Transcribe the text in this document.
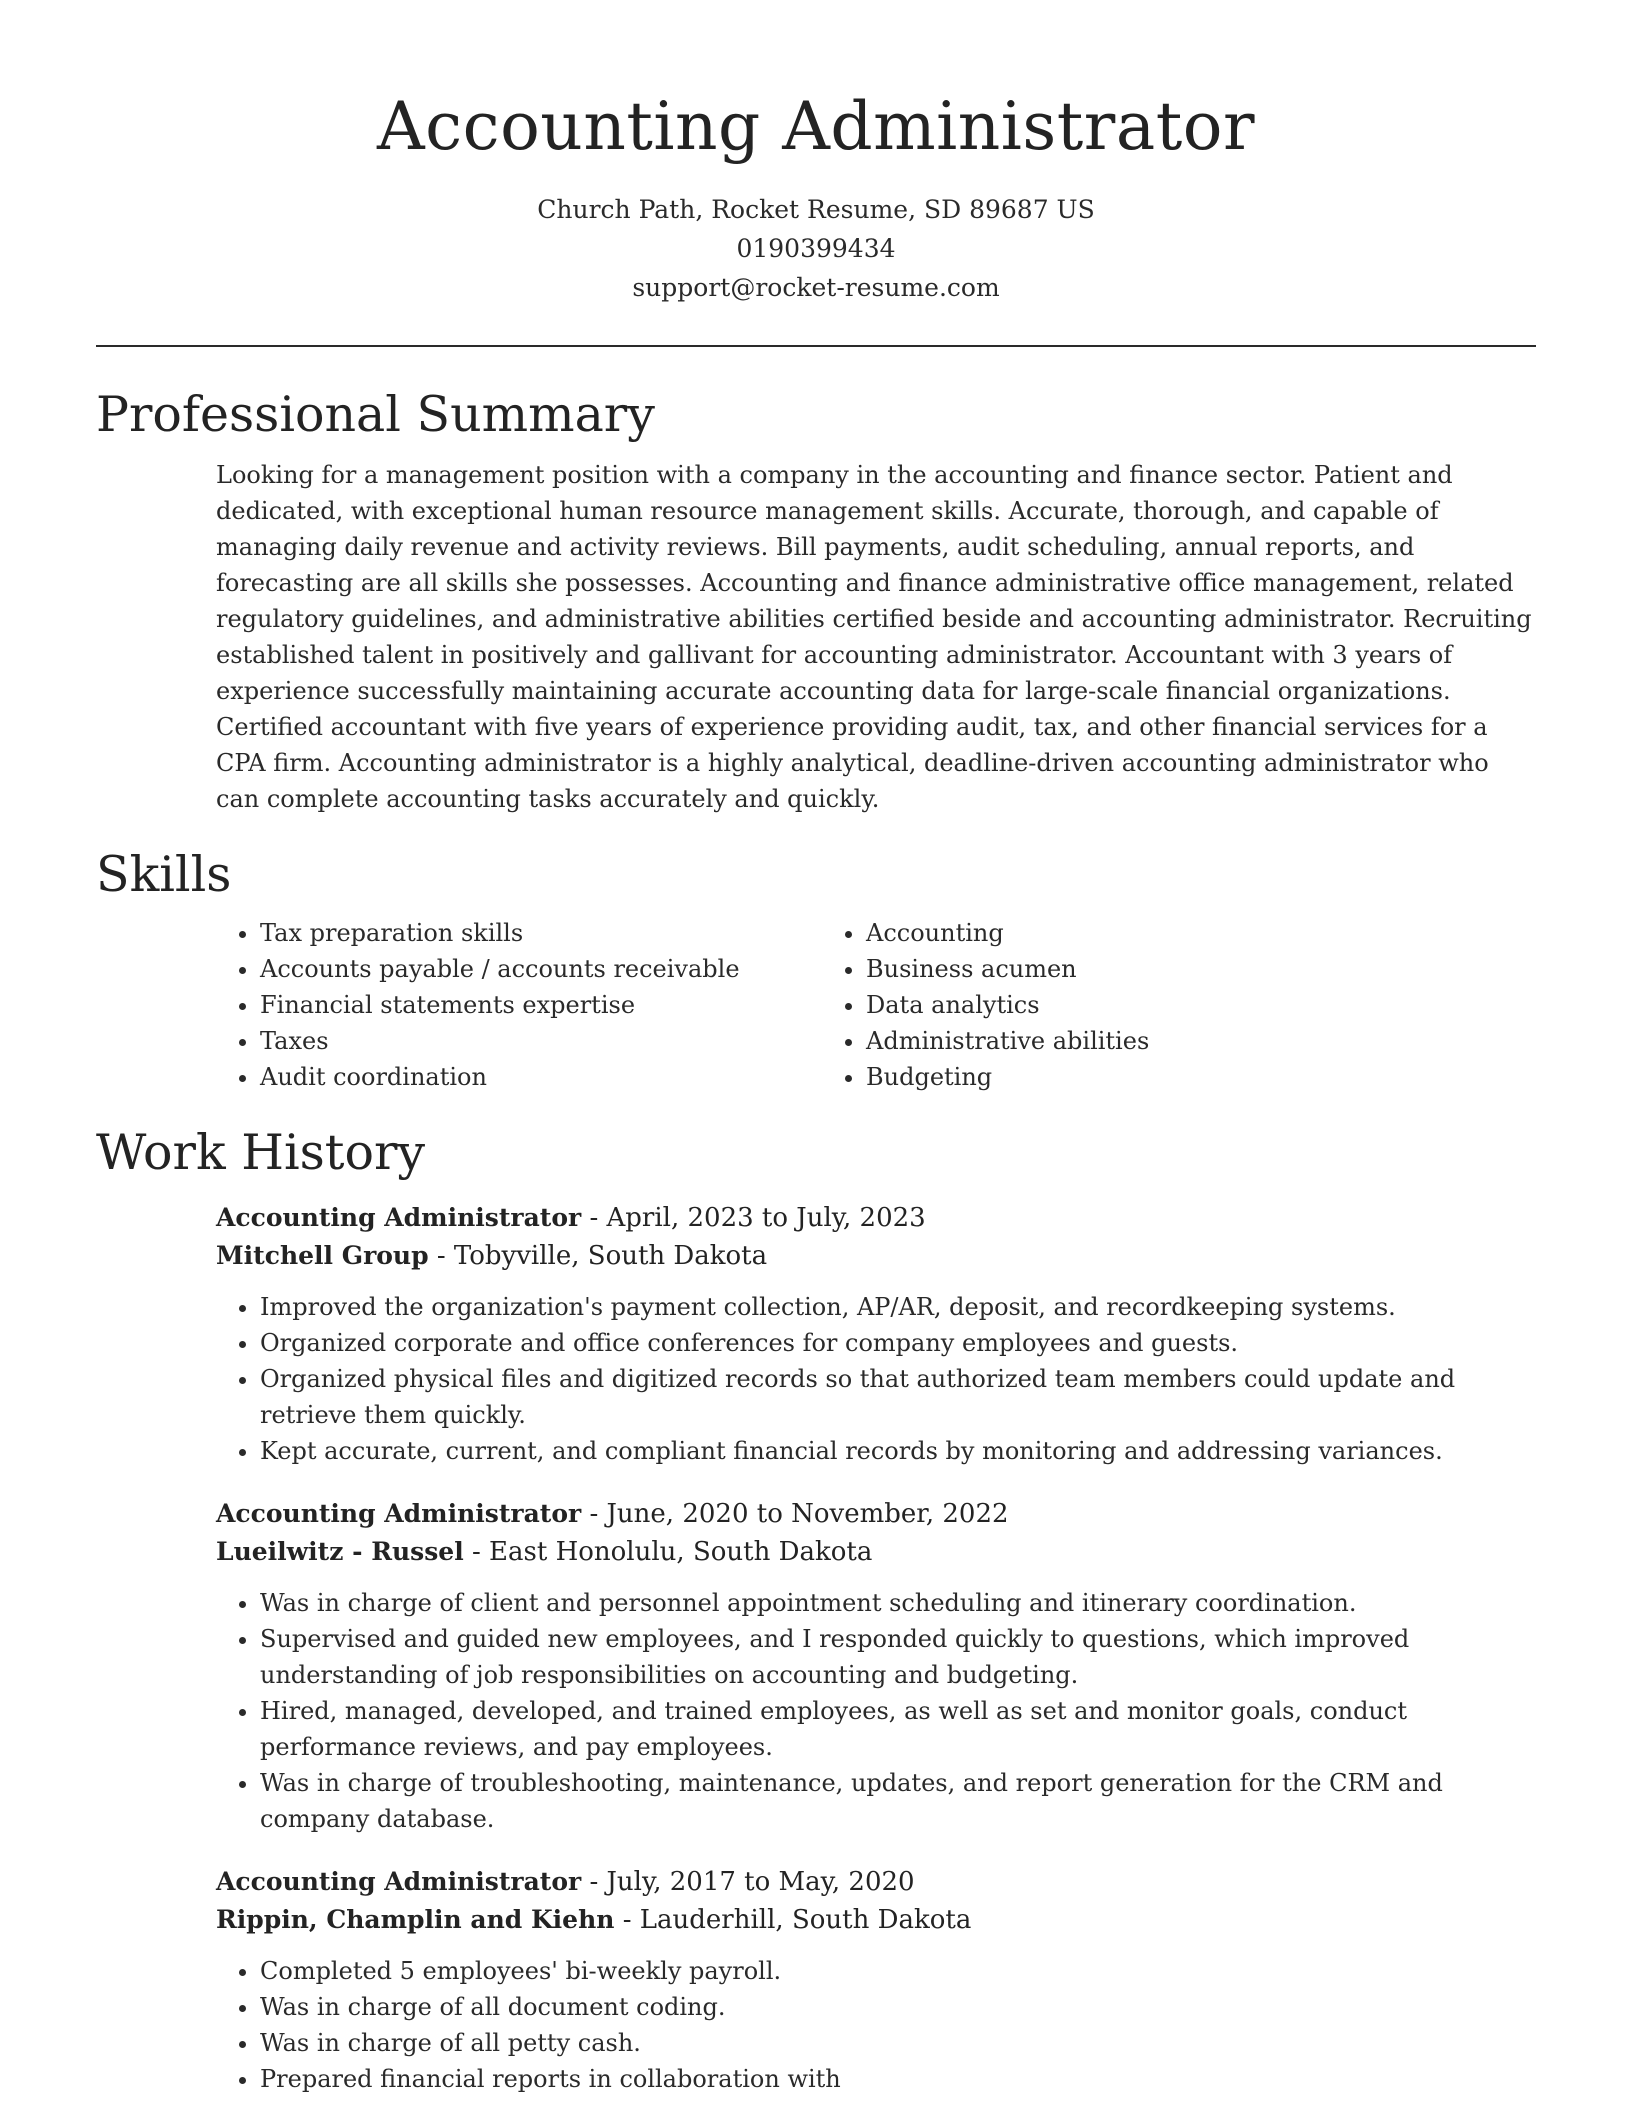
Accounting Administrator
Church Path, Rocket Resume, SD 89687 US
0190399434
support@rocket-resume.com
Professional Summary
Looking for a management position with a company in the accounting and finance sector. Patient and dedicated, with exceptional human resource management skills. Accurate, thorough, and capable of managing daily revenue and activity reviews. Bill payments, audit scheduling, annual reports, and forecasting are all skills she possesses. Accounting and finance administrative office management, related regulatory guidelines, and administrative abilities certified beside and accounting administrator. Recruiting established talent in positively and gallivant for accounting administrator. Accountant with 3 years of experience successfully maintaining accurate accounting data for large-scale financial organizations. Certified accountant with five years of experience providing audit, tax, and other financial services for a CPA firm. Accounting administrator is a highly analytical, deadline-driven accounting administrator who can complete accounting tasks accurately and quickly.
Skills
• Tax preparation skills
• Accounts payable / accounts receivable
• Financial statements expertise
• Taxes
• Audit coordination
• Accounting
• Business acumen
• Data analytics
• Administrative abilities
• Budgeting
Work History
Accounting Administrator - April, 2023 to July, 2023
Mitchell Group - Tobyville, South Dakota
• Improved the organization's payment collection, AP/AR, deposit, and recordkeeping systems.
• Organized corporate and office conferences for company employees and guests.
• Organized physical files and digitized records so that authorized team members could update and retrieve them quickly.
• Kept accurate, current, and compliant financial records by monitoring and addressing variances.
Accounting Administrator - June, 2020 to November, 2022
Lueilwitz - Russel - East Honolulu, South Dakota
• Was in charge of client and personnel appointment scheduling and itinerary coordination.
• Supervised and guided new employees, and I responded quickly to questions, which improved understanding of job responsibilities on accounting and budgeting.
• Hired, managed, developed, and trained employees, as well as set and monitor goals, conduct performance reviews, and pay employees.
• Was in charge of troubleshooting, maintenance, updates, and report generation for the CRM and company database.
Accounting Administrator - July, 2017 to May, 2020
Rippin, Champlin and Kiehn - Lauderhill, South Dakota
• Completed 5 employees' bi-weekly payroll.
• Was in charge of all document coding.
• Was in charge of all petty cash.
• Prepared financial reports in collaboration with
